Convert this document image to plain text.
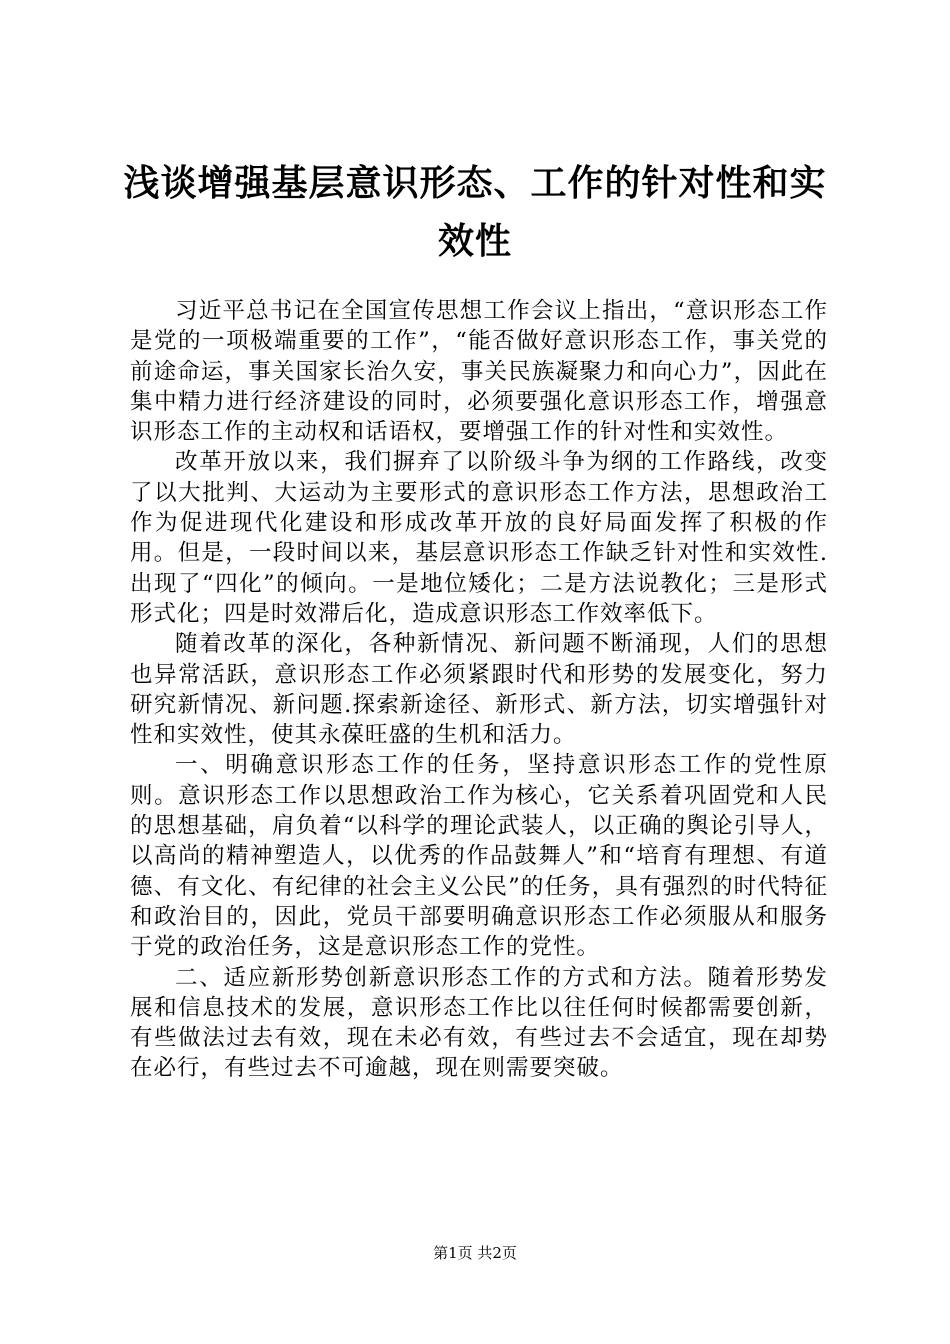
浅谈增强基层意识形态、工作的针对性和实效性

习近平总书记在全国宣传思想工作会议上指出，“意识形态工作是党的一项极端重要的工作”，“能否做好意识形态工作，事关党的前途命运，事关国家长治久安，事关民族凝聚力和向心力”，因此在集中精力进行经济建设的同时，必须要强化意识形态工作，增强意识形态工作的主动权和话语权，要增强工作的针对性和实效性。

改革开放以来，我们摒弃了以阶级斗争为纲的工作路线，改变了以大批判、大运动为主要形式的意识形态工作方法，思想政治工作为促进现代化建设和形成改革开放的良好局面发挥了积极的作用。但是，一段时间以来，基层意识形态工作缺乏针对性和实效性.出现了“四化”的倾向。一是地位矮化；二是方法说教化；三是形式形式化；四是时效滞后化，造成意识形态工作效率低下。

随着改革的深化，各种新情况、新问题不断涌现，人们的思想也异常活跃，意识形态工作必须紧跟时代和形势的发展变化，努力研究新情况、新问题.探索新途径、新形式、新方法，切实增强针对性和实效性，使其永葆旺盛的生机和活力。

一、明确意识形态工作的任务，坚持意识形态工作的党性原则。意识形态工作以思想政治工作为核心，它关系着巩固党和人民的思想基础，肩负着“以科学的理论武装人，以正确的舆论引导人，以高尚的精神塑造人，以优秀的作品鼓舞人”和“培育有理想、有道德、有文化、有纪律的社会主义公民”的任务，具有强烈的时代特征和政治目的，因此，党员干部要明确意识形态工作必须服从和服务于党的政治任务，这是意识形态工作的党性。

二、适应新形势创新意识形态工作的方式和方法。随着形势发展和信息技术的发展，意识形态工作比以往任何时候都需要创新，有些做法过去有效，现在未必有效，有些过去不会适宜，现在却势在必行，有些过去不可逾越，现在则需要突破。

第1页 共2页
